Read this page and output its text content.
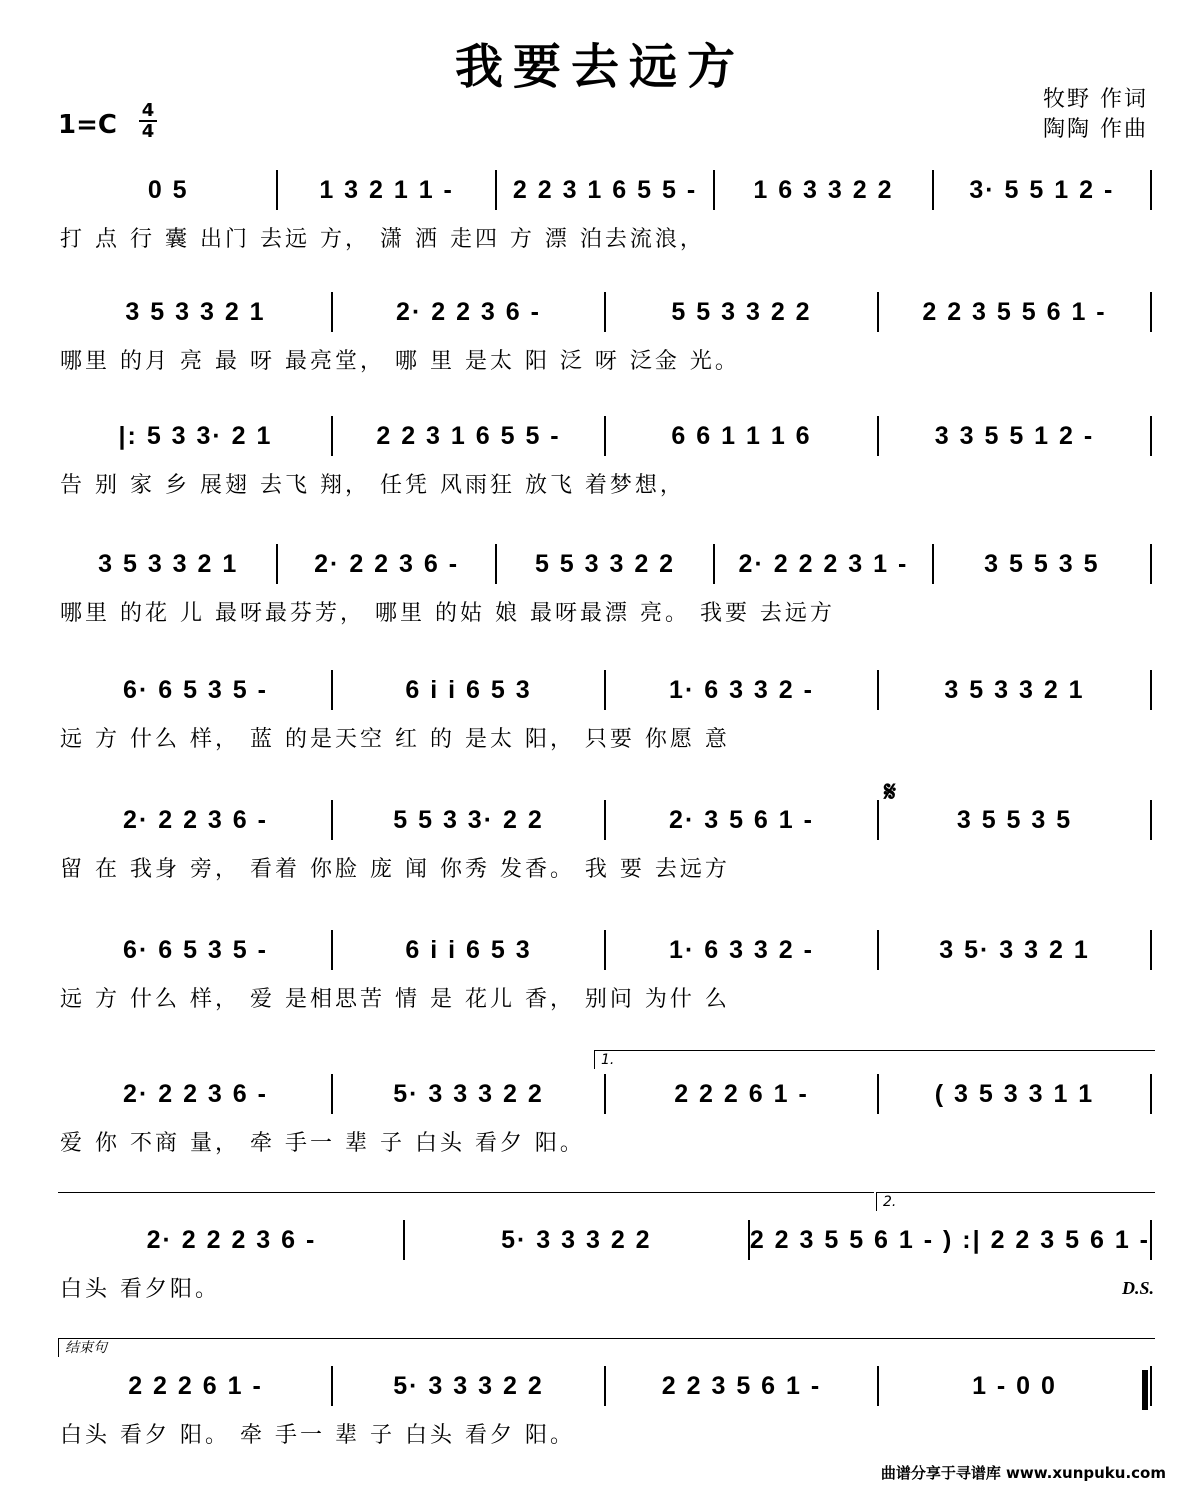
我要去远方
牧野 作词
陶陶 作曲
1=C 4
4
0 5	1 3 2 1 1 -	2 2 3 1 6 5 5 -	1 6 3 3 2 2	3· 5 5 1 2 -
打 点 行 囊 出门 去远 方， 潇 洒 走四 方 漂 泊去流浪，
3 5 3 3 2 1	2· 2 2 3 6 -	5 5 3 3 2 2	2 2 3 5 5 6 1 -
哪里 的月 亮 最 呀 最亮堂， 哪 里 是太 阳 泛 呀 泛金 光。
|: 5 3 3· 2 1	2 2 3 1 6 5 5 -	6 6 1 1 1 6	3 3 5 5 1 2 -
告 别 家 乡 展翅 去飞 翔， 任凭 风雨狂 放飞 着梦想，
3 5 3 3 2 1	2· 2 2 3 6 -	5 5 3 3 2 2	2· 2 2 2 3 1 -	3 5 5 3 5
哪里 的花 儿 最呀最芬芳， 哪里 的姑 娘 最呀最漂 亮。 我要 去远方
6· 6 5 3 5 -	6 i i 6 5 3	1· 6 3 3 2 -	3 5 3 3 2 1
远 方 什么 样， 蓝 的是天空 红 的 是太 阳， 只要 你愿 意
2· 2 2 3 6 -	5 5 3 3· 2 2	2· 3 5 6 1 -	3 5 5 3 5
留 在 我身 旁， 看着 你脸 庞 闻 你秀 发香。 我 要 去远方
6· 6 5 3 5 -	6 i i 6 5 3	1· 6 3 3 2 -	3 5· 3 3 2 1
远 方 什么 样， 爱 是相思苦 情 是 花儿 香， 别问 为什 么
2· 2 2 3 6 -	5· 3 3 3 2 2	2 2 2 6 1 -	( 3 5 3 3 1 1
爱 你 不商 量， 牵 手一 辈 子 白头 看夕 阳。
2· 2 2 2 3 6 -	5· 3 3 3 2 2	2 2 3 5 5 6 1 - ) :| 2 2 3 5 6 1 -
白头 看夕阳。
2 2 2 6 1 -	5· 3 3 3 2 2	2 2 3 5 6 1 -	1 - 0 0
白头 看夕 阳。 牵 手一 辈 子 白头 看夕 阳。
𝄋
1.
2.
结束句
D.S.
曲谱分享于寻谱库 www.xunpuku.com
